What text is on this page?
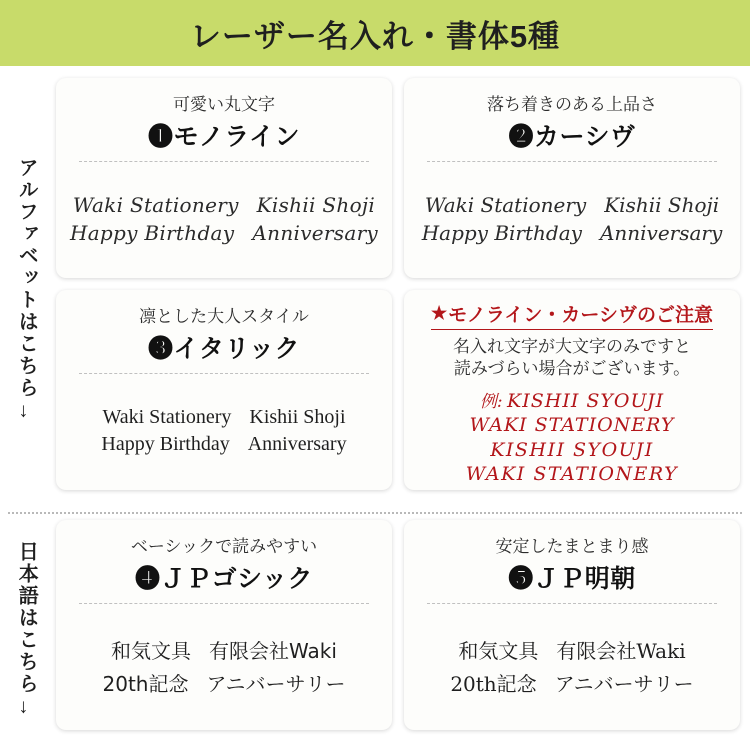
レーザー名入れ・書体5種
アルファベットはこちら
→
日本語はこちら
→
可愛い丸文字
❶モノライン
Waki Stationery Kishii Shoji
Happy Birthday Anniversary
落ち着きのある上品さ
❷カーシヴ
Waki Stationery Kishii Shoji
Happy Birthday Anniversary
凛とした大人スタイル
❸イタリック
Waki Stationery Kishii Shoji
Happy Birthday Anniversary
★ モノライン・カーシヴのご注意
名入れ文字が大文字のみですと
読みづらい場合がございます。
例: KISHII SYOUJI
WAKI STATIONERY
KISHII SYOUJI
WAKI STATIONERY
ベーシックで読みやすい
❹ＪＰゴシック
和気文具 有限会社Waki
20th記念 アニバーサリー
安定したまとまり感
❺ＪＰ明朝
和気文具 有限会社Waki
20th記念 アニバーサリー
